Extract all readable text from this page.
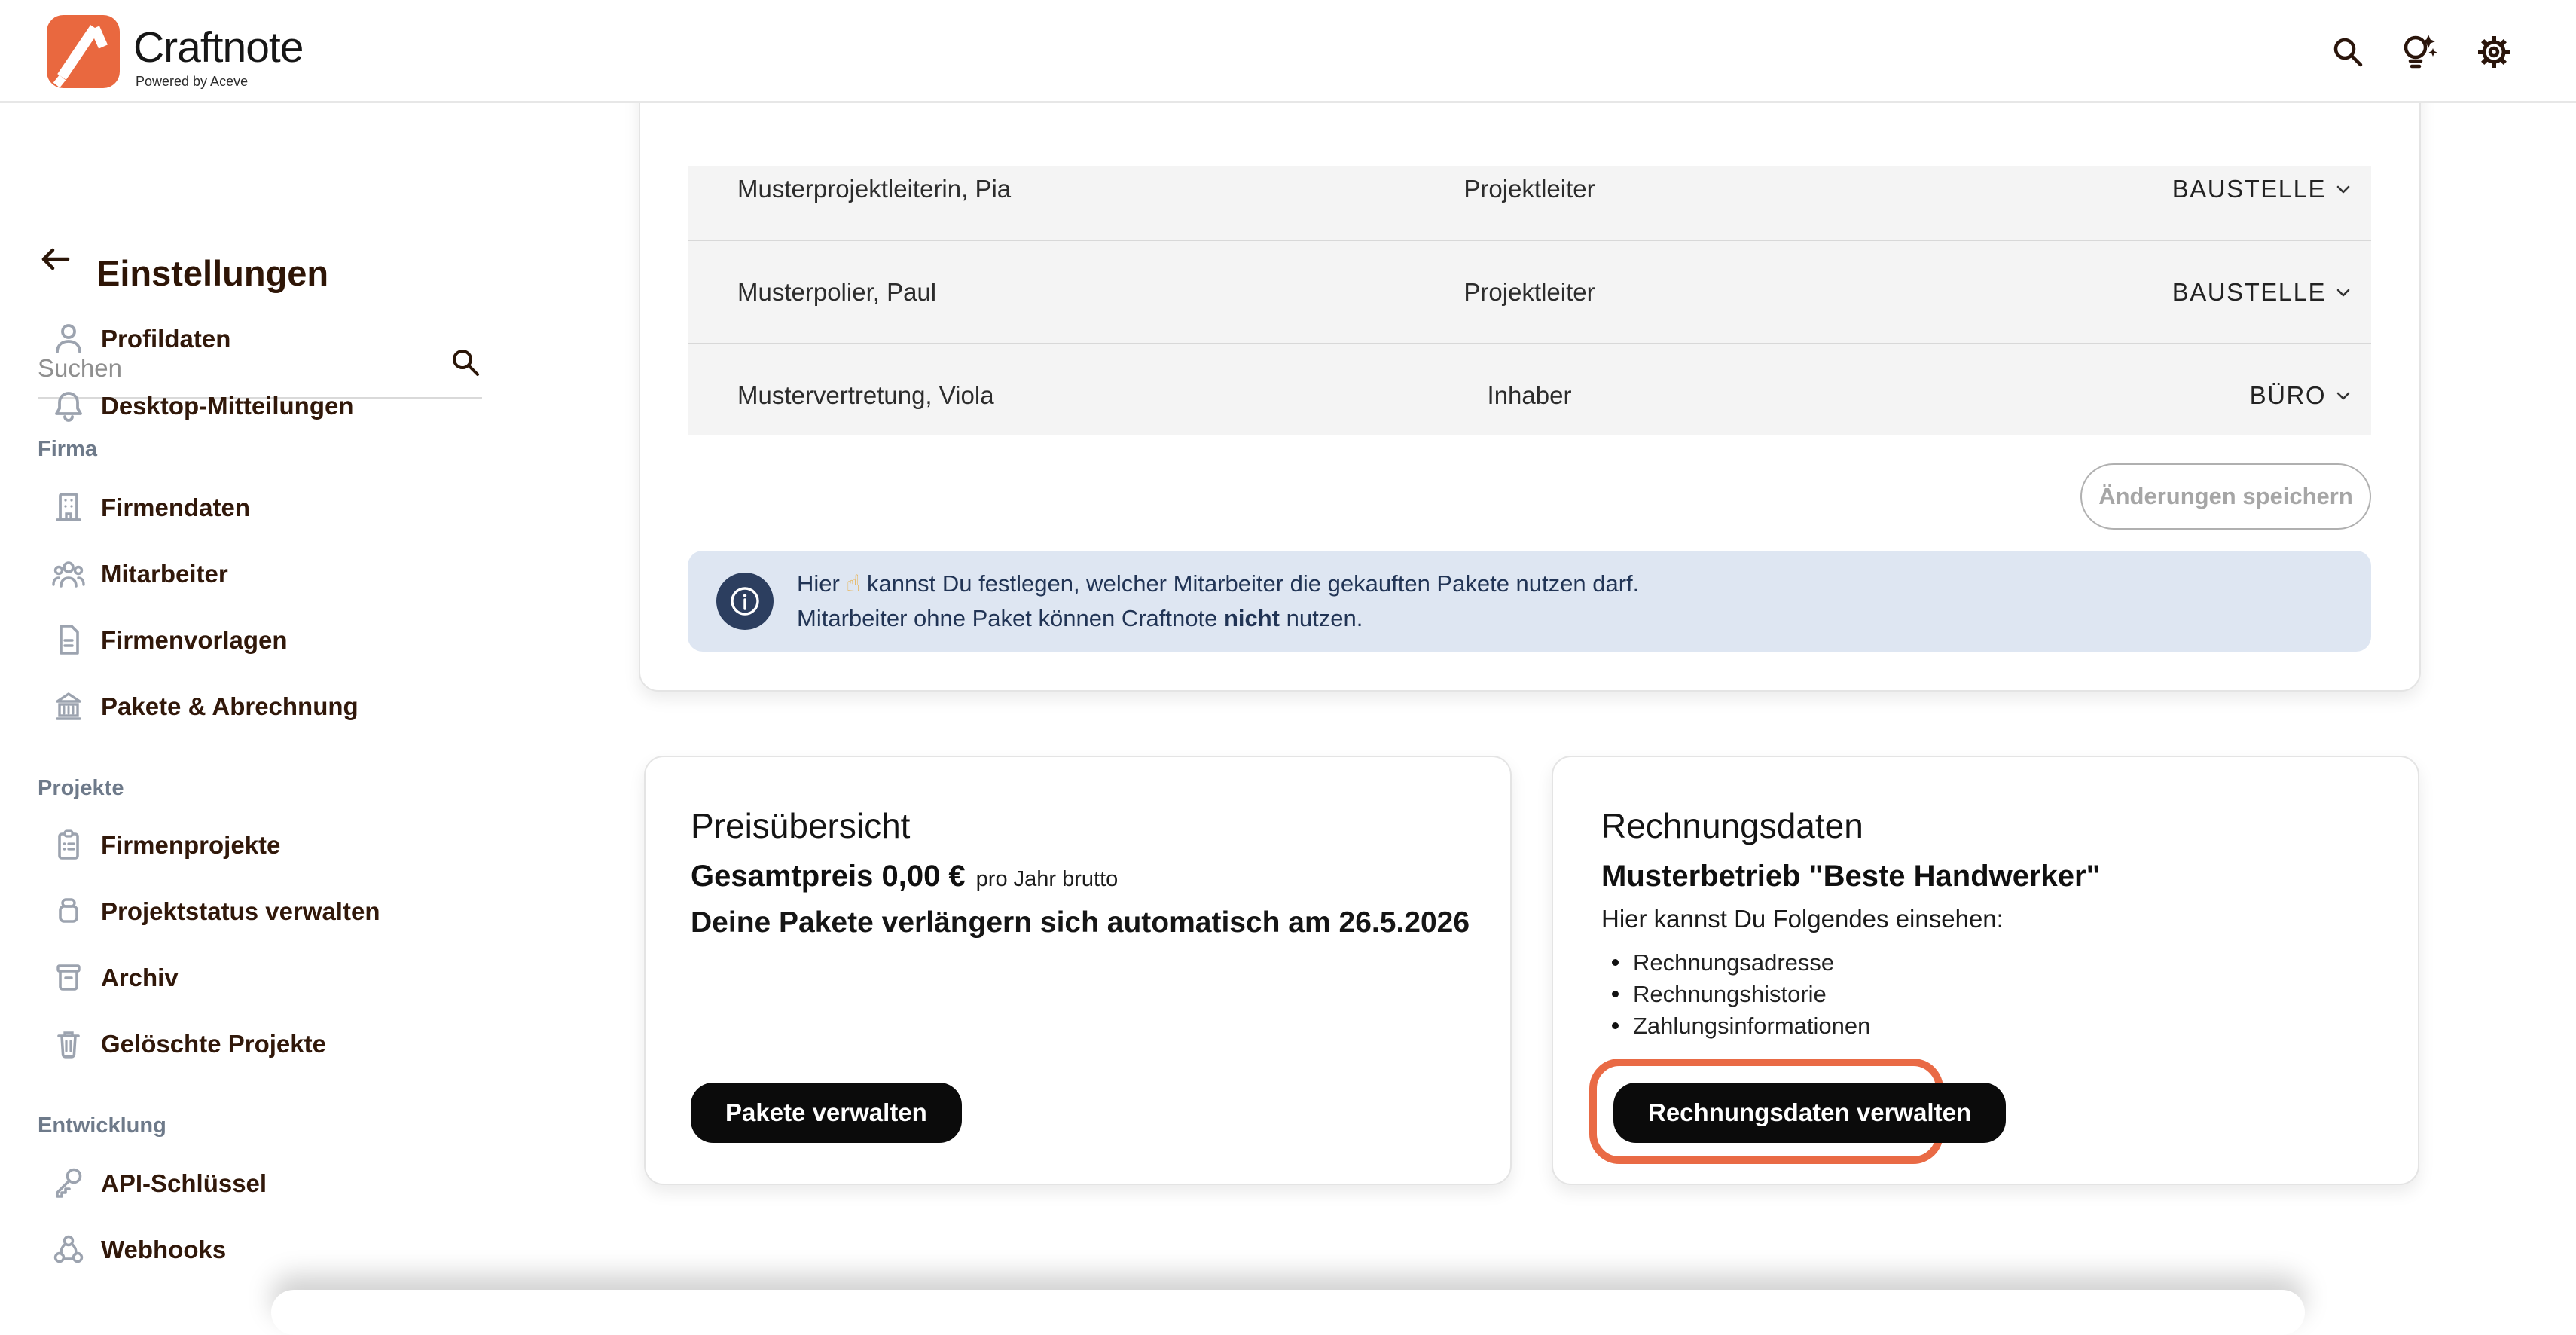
Craftnote
Powered by Aceve
Einstellungen
Suchen
Profildaten
Desktop-Mitteilungen
Firma
Firmendaten
Mitarbeiter
Firmenvorlagen
Pakete & Abrechnung
Projekte
Firmenprojekte
Projektstatus verwalten
Archiv
Gelöschte Projekte
Entwicklung
API-Schlüssel
Webhooks
Musterprojektleiterin, Pia	Projektleiter	BAUSTELLE
Musterpolier, Paul	Projektleiter	BAUSTELLE
Mustervertretung, Viola	Inhaber	BÜRO
Änderungen speichern
Hier ☝ kannst Du festlegen, welcher Mitarbeiter die gekauften Pakete nutzen darf.
Mitarbeiter ohne Paket können Craftnote nicht nutzen.
Preisübersicht
Gesamtpreis 0,00 € pro Jahr brutto
Deine Pakete verlängern sich automatisch am 26.5.2026
Pakete verwalten
Rechnungsdaten
Musterbetrieb "Beste Handwerker"
Hier kannst Du Folgendes einsehen:
Rechnungsadresse
Rechnungshistorie
Zahlungsinformationen
Rechnungsdaten verwalten
